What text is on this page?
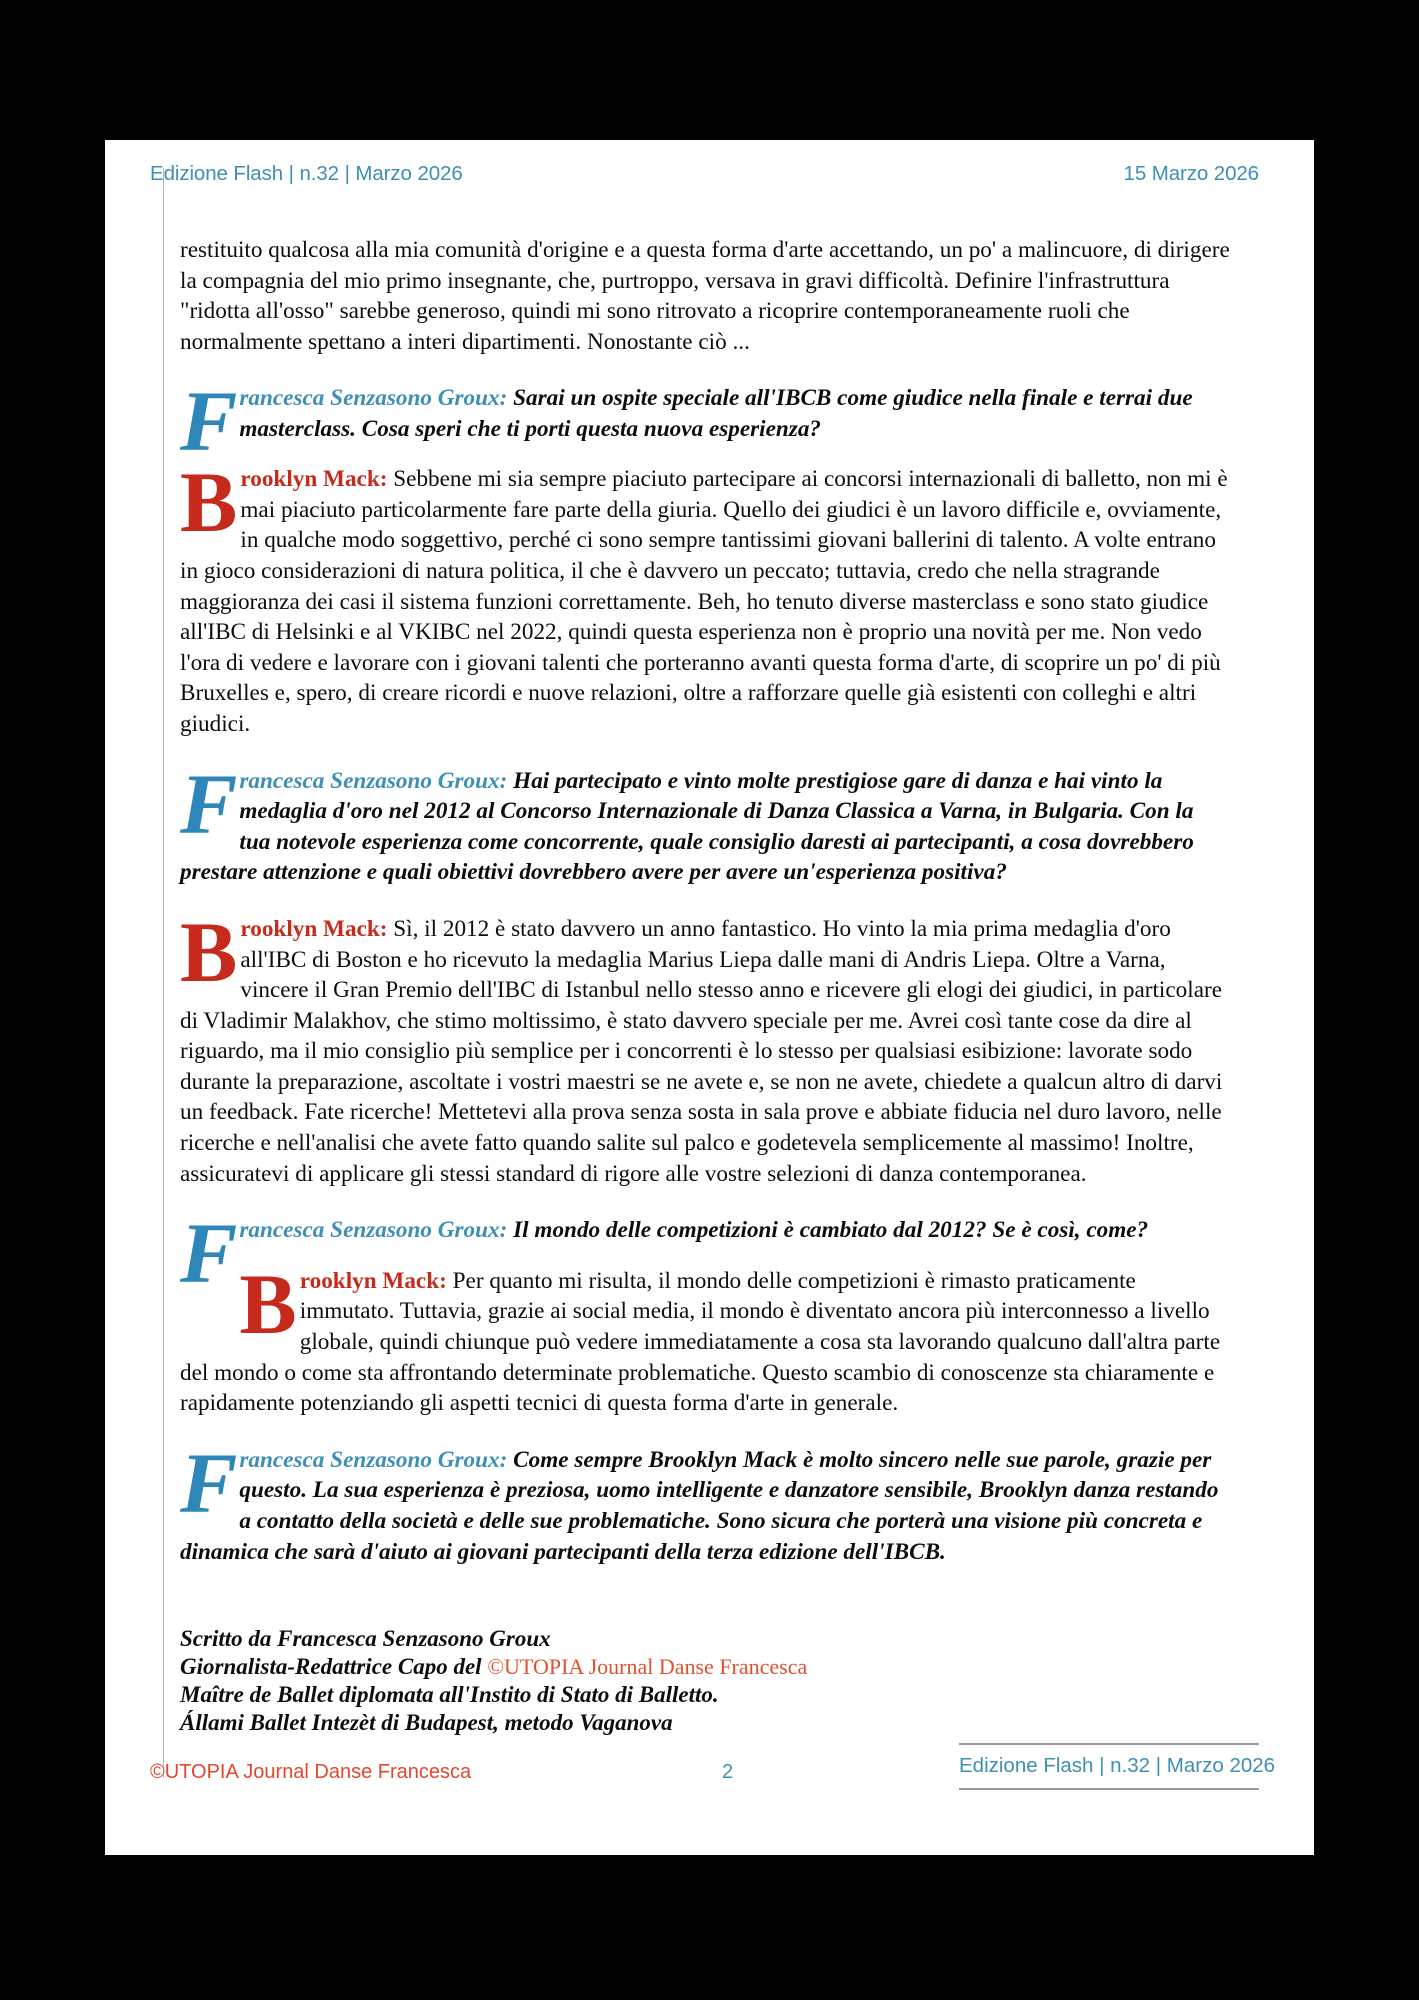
Edizione Flash | n.32 | Marzo 2026	15 Marzo 2026

restituito qualcosa alla mia comunità d'origine e a questa forma d'arte accettando, un po' a malincuore, di dirigere la compagnia del mio primo insegnante, che, purtroppo, versava in gravi difficoltà. Definire l'infrastruttura "ridotta all'osso" sarebbe generoso, quindi mi sono ritrovato a ricoprire contemporaneamente ruoli che normalmente spettano a interi dipartimenti. Nonostante ciò ...

F rancesca Senzasono Groux: Sarai un ospite speciale all'IBCB come giudice nella finale e terrai due masterclass. Cosa speri che ti porti questa nuova esperienza?
B rooklyn Mack: Sebbene mi sia sempre piaciuto partecipare ai concorsi internazionali di balletto, non mi è mai piaciuto particolarmente fare parte della giuria. Quello dei giudici è un lavoro difficile e, ovviamente, in qualche modo soggettivo, perché ci sono sempre tantissimi giovani ballerini di talento. A volte entrano in gioco considerazioni di natura politica, il che è davvero un peccato; tuttavia, credo che nella stragrande maggioranza dei casi il sistema funzioni correttamente. Beh, ho tenuto diverse masterclass e sono stato giudice all'IBC di Helsinki e al VKIBC nel 2022, quindi questa esperienza non è proprio una novità per me. Non vedo l'ora di vedere e lavorare con i giovani talenti che porteranno avanti questa forma d'arte, di scoprire un po' di più Bruxelles e, spero, di creare ricordi e nuove relazioni, oltre a rafforzare quelle già esistenti con colleghi e altri giudici.
F rancesca Senzasono Groux: Hai partecipato e vinto molte prestigiose gare di danza e hai vinto la medaglia d'oro nel 2012 al Concorso Internazionale di Danza Classica a Varna, in Bulgaria. Con la tua notevole esperienza come concorrente, quale consiglio daresti ai partecipanti, a cosa dovrebbero prestare attenzione e quali obiettivi dovrebbero avere per avere un'esperienza positiva?
B rooklyn Mack: Sì, il 2012 è stato davvero un anno fantastico. Ho vinto la mia prima medaglia d'oro all'IBC di Boston e ho ricevuto la medaglia Marius Liepa dalle mani di Andris Liepa. Oltre a Varna, vincere il Gran Premio dell'IBC di Istanbul nello stesso anno e ricevere gli elogi dei giudici, in particolare di Vladimir Malakhov, che stimo moltissimo, è stato davvero speciale per me. Avrei così tante cose da dire al riguardo, ma il mio consiglio più semplice per i concorrenti è lo stesso per qualsiasi esibizione: lavorate sodo durante la preparazione, ascoltate i vostri maestri se ne avete e, se non ne avete, chiedete a qualcun altro di darvi un feedback. Fate ricerche! Mettetevi alla prova senza sosta in sala prove e abbiate fiducia nel duro lavoro, nelle ricerche e nell'analisi che avete fatto quando salite sul palco e godetevela semplicemente al massimo! Inoltre, assicuratevi di applicare gli stessi standard di rigore alle vostre selezioni di danza contemporanea.
F rancesca Senzasono Groux: Il mondo delle competizioni è cambiato dal 2012? Se è così, come?
B rooklyn Mack: Per quanto mi risulta, il mondo delle competizioni è rimasto praticamente immutato. Tuttavia, grazie ai social media, il mondo è diventato ancora più interconnesso a livello globale, quindi chiunque può vedere immediatamente a cosa sta lavorando qualcuno dall'altra parte del mondo o come sta affrontando determinate problematiche. Questo scambio di conoscenze sta chiaramente e rapidamente potenziando gli aspetti tecnici di questa forma d'arte in generale.
F rancesca Senzasono Groux: Come sempre Brooklyn Mack è molto sincero nelle sue parole, grazie per questo. La sua esperienza è preziosa, uomo intelligente e danzatore sensibile, Brooklyn danza restando a contatto della società e delle sue problematiche. Sono sicura che porterà una visione più concreta e dinamica che sarà d'aiuto ai giovani partecipanti della terza edizione dell'IBCB.
Scritto da Francesca Senzasono Groux
Giornalista-Redattrice Capo del ©UTOPIA Journal Danse Francesca
Maître de Ballet diplomata all'Instito di Stato di Balletto.
Állami Ballet Intezèt di Budapest, metodo Vaganova
©UTOPIA Journal Danse Francesca	2	Edizione Flash | n.32 | Marzo 2026
